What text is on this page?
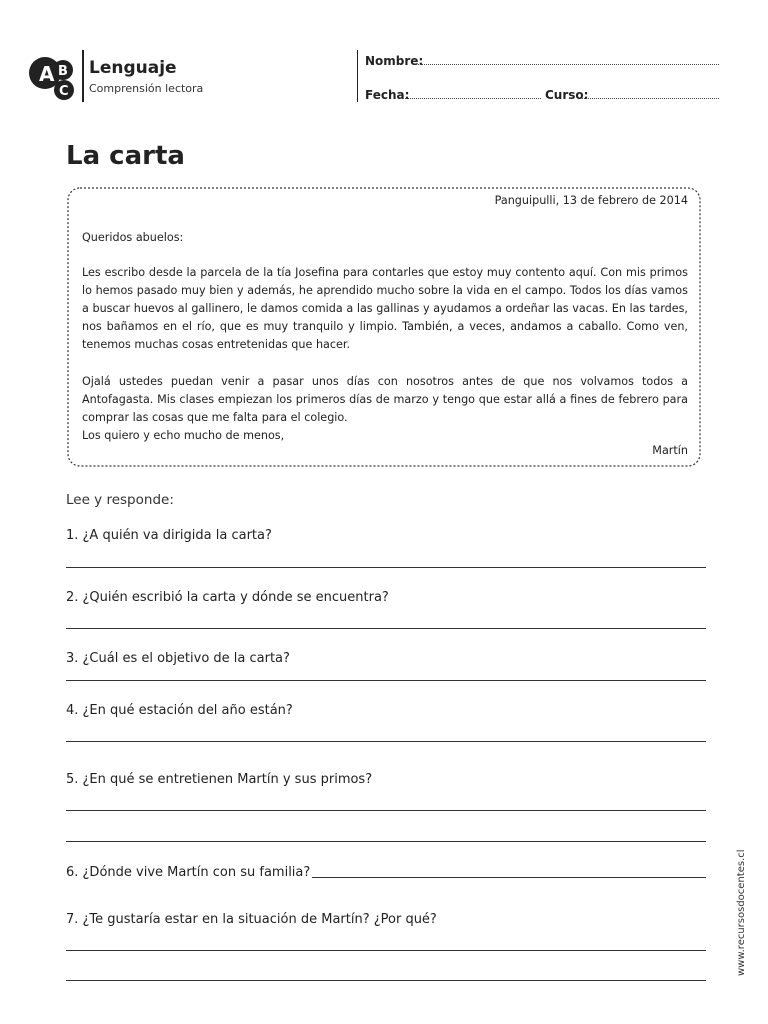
A B
C
Lenguaje
Comprensión lectora
Nombre:
Fecha:	Curso:
La carta
Panguipulli, 13 de febrero de 2014
Queridos abuelos:
Les escribo desde la parcela de la tía Josefina para contarles que estoy muy contento aquí. Con mis primos lo hemos pasado muy bien y además, he aprendido mucho sobre la vida en el campo. Todos los días vamos a buscar huevos al gallinero, le damos comida a las gallinas y ayudamos a ordeñar las vacas. En las tardes, nos bañamos en el río, que es muy tranquilo y limpio. También, a veces, andamos a caballo. Como ven, tenemos muchas cosas entretenidas que hacer.
Ojalá ustedes puedan venir a pasar unos días con nosotros antes de que nos volvamos todos a Antofagasta. Mis clases empiezan los primeros días de marzo y tengo que estar allá a fines de febrero para comprar las cosas que me falta para el colegio.
Los quiero y echo mucho de menos,
Martín
Lee y responde:
1. ¿A quién va dirigida la carta?
2. ¿Quién escribió la carta y dónde se encuentra?
3. ¿Cuál es el objetivo de la carta?
4. ¿En qué estación del año están?
5. ¿En qué se entretienen Martín y sus primos?
6. ¿Dónde vive Martín con su familia?
7. ¿Te gustaría estar en la situación de Martín? ¿Por qué?	www.recursosdocentes.cl
